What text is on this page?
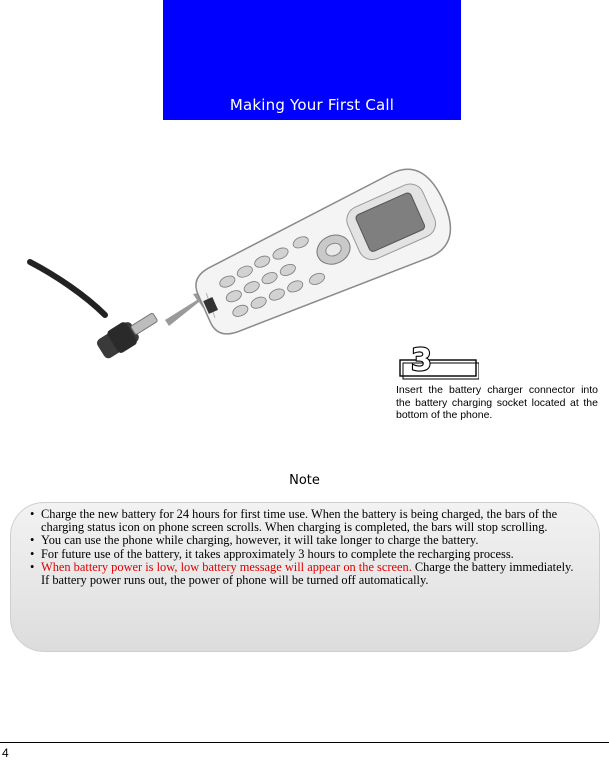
Making Your First Call
3
Insert the battery charger connector into the battery charging socket located at the bottom of the phone.
Note
• Charge the new battery for 24 hours for first time use. When the battery is being charged, the bars of the charging status icon on phone screen scrolls. When charging is completed, the bars will stop scrolling.
• You can use the phone while charging, however, it will take longer to charge the battery.
• For future use of the battery, it takes approximately 3 hours to complete the recharging process.
• When battery power is low, low battery message will appear on the screen. Charge the battery immediately. If battery power runs out, the power of phone will be turned off automatically.
4
